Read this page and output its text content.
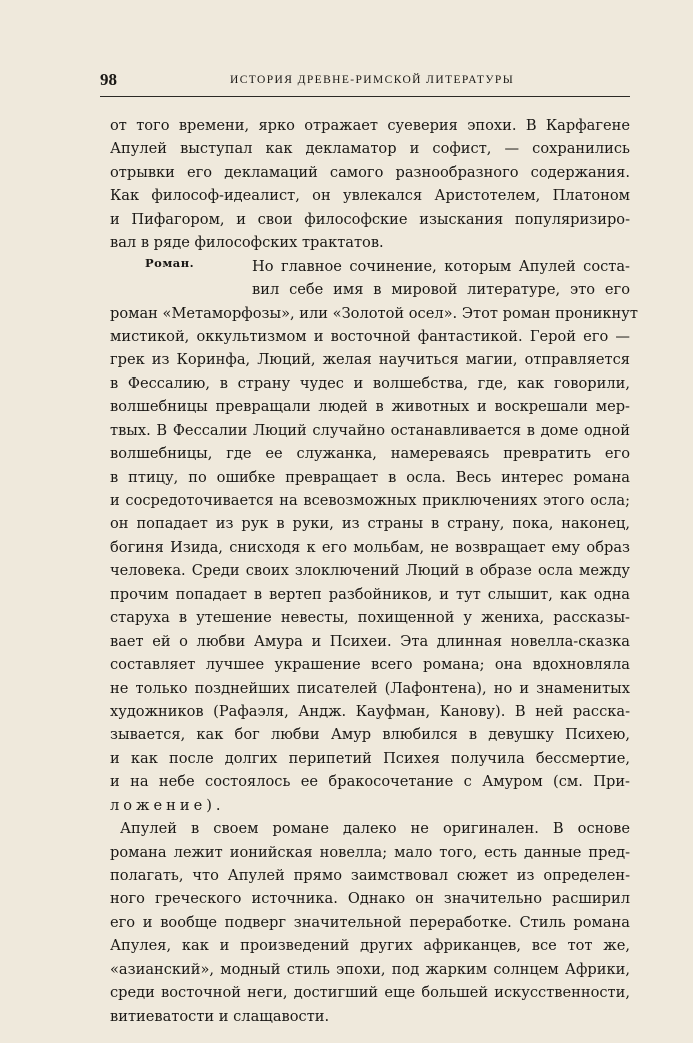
98	ИСТОРИЯ ДРЕВНЕ-РИМСКОЙ ЛИТЕРАТУРЫ
Роман.
от того времени, ярко отражает суеверия эпохи. В Карфагене
Апулей выступал как декламатор и софист, — сохранились
отрывки его декламаций самого разнообразного содержания.
Как философ-идеалист, он увлекался Аристотелем, Платоном
и Пифагором, и свои философские изыскания популяризиро-
вал в ряде философских трактатов.
Но главное сочинение, которым Апулей соста-
вил себе имя в мировой литературе, это его
роман «Метаморфозы», или «Золотой осел». Этот роман проникнут
мистикой, оккультизмом и восточной фантастикой. Герой его —
грек из Коринфа, Люций, желая научиться магии, отправляется
в Фессалию, в страну чудес и волшебства, где, как говорили,
волшебницы превращали людей в животных и воскрешали мер-
твых. В Фессалии Люций случайно останавливается в доме одной
волшебницы, где ее служанка, намереваясь превратить его
в птицу, по ошибке превращает в осла. Весь интерес романа
и сосредоточивается на всевозможных приключениях этого осла;
он попадает из рук в руки, из страны в страну, пока, наконец,
богиня Изида, снисходя к его мольбам, не возвращает ему образ
человека. Среди своих злоключений Люций в образе осла между
прочим попадает в вертеп разбойников, и тут слышит, как одна
старуха в утешение невесты, похищенной у жениха, рассказы-
вает ей о любви Амура и Психеи. Эта длинная новелла-сказка
составляет лучшее украшение всего романа; она вдохновляла
не только позднейших писателей (Лафонтена), но и знаменитых
художников (Рафаэля, Андж. Кауфман, Канову). В ней расска-
зывается, как бог любви Амур влюбился в девушку Психею,
и как после долгих перипетий Психея получила бессмертие,
и на небе состоялось ее бракосочетание с Амуром (см. При-
ложение).
Апулей в своем романе далеко не оригинален. В основе
романа лежит ионийская новелла; мало того, есть данные пред-
полагать, что Апулей прямо заимствовал сюжет из определен-
ного греческого источника. Однако он значительно расширил
его и вообще подверг значительной переработке. Стиль романа
Апулея, как и произведений других африканцев, все тот же,
«азианский», модный стиль эпохи, под жарким солнцем Африки,
среди восточной неги, достигший еще большей искусственности,
витиеватости и слащавости.
